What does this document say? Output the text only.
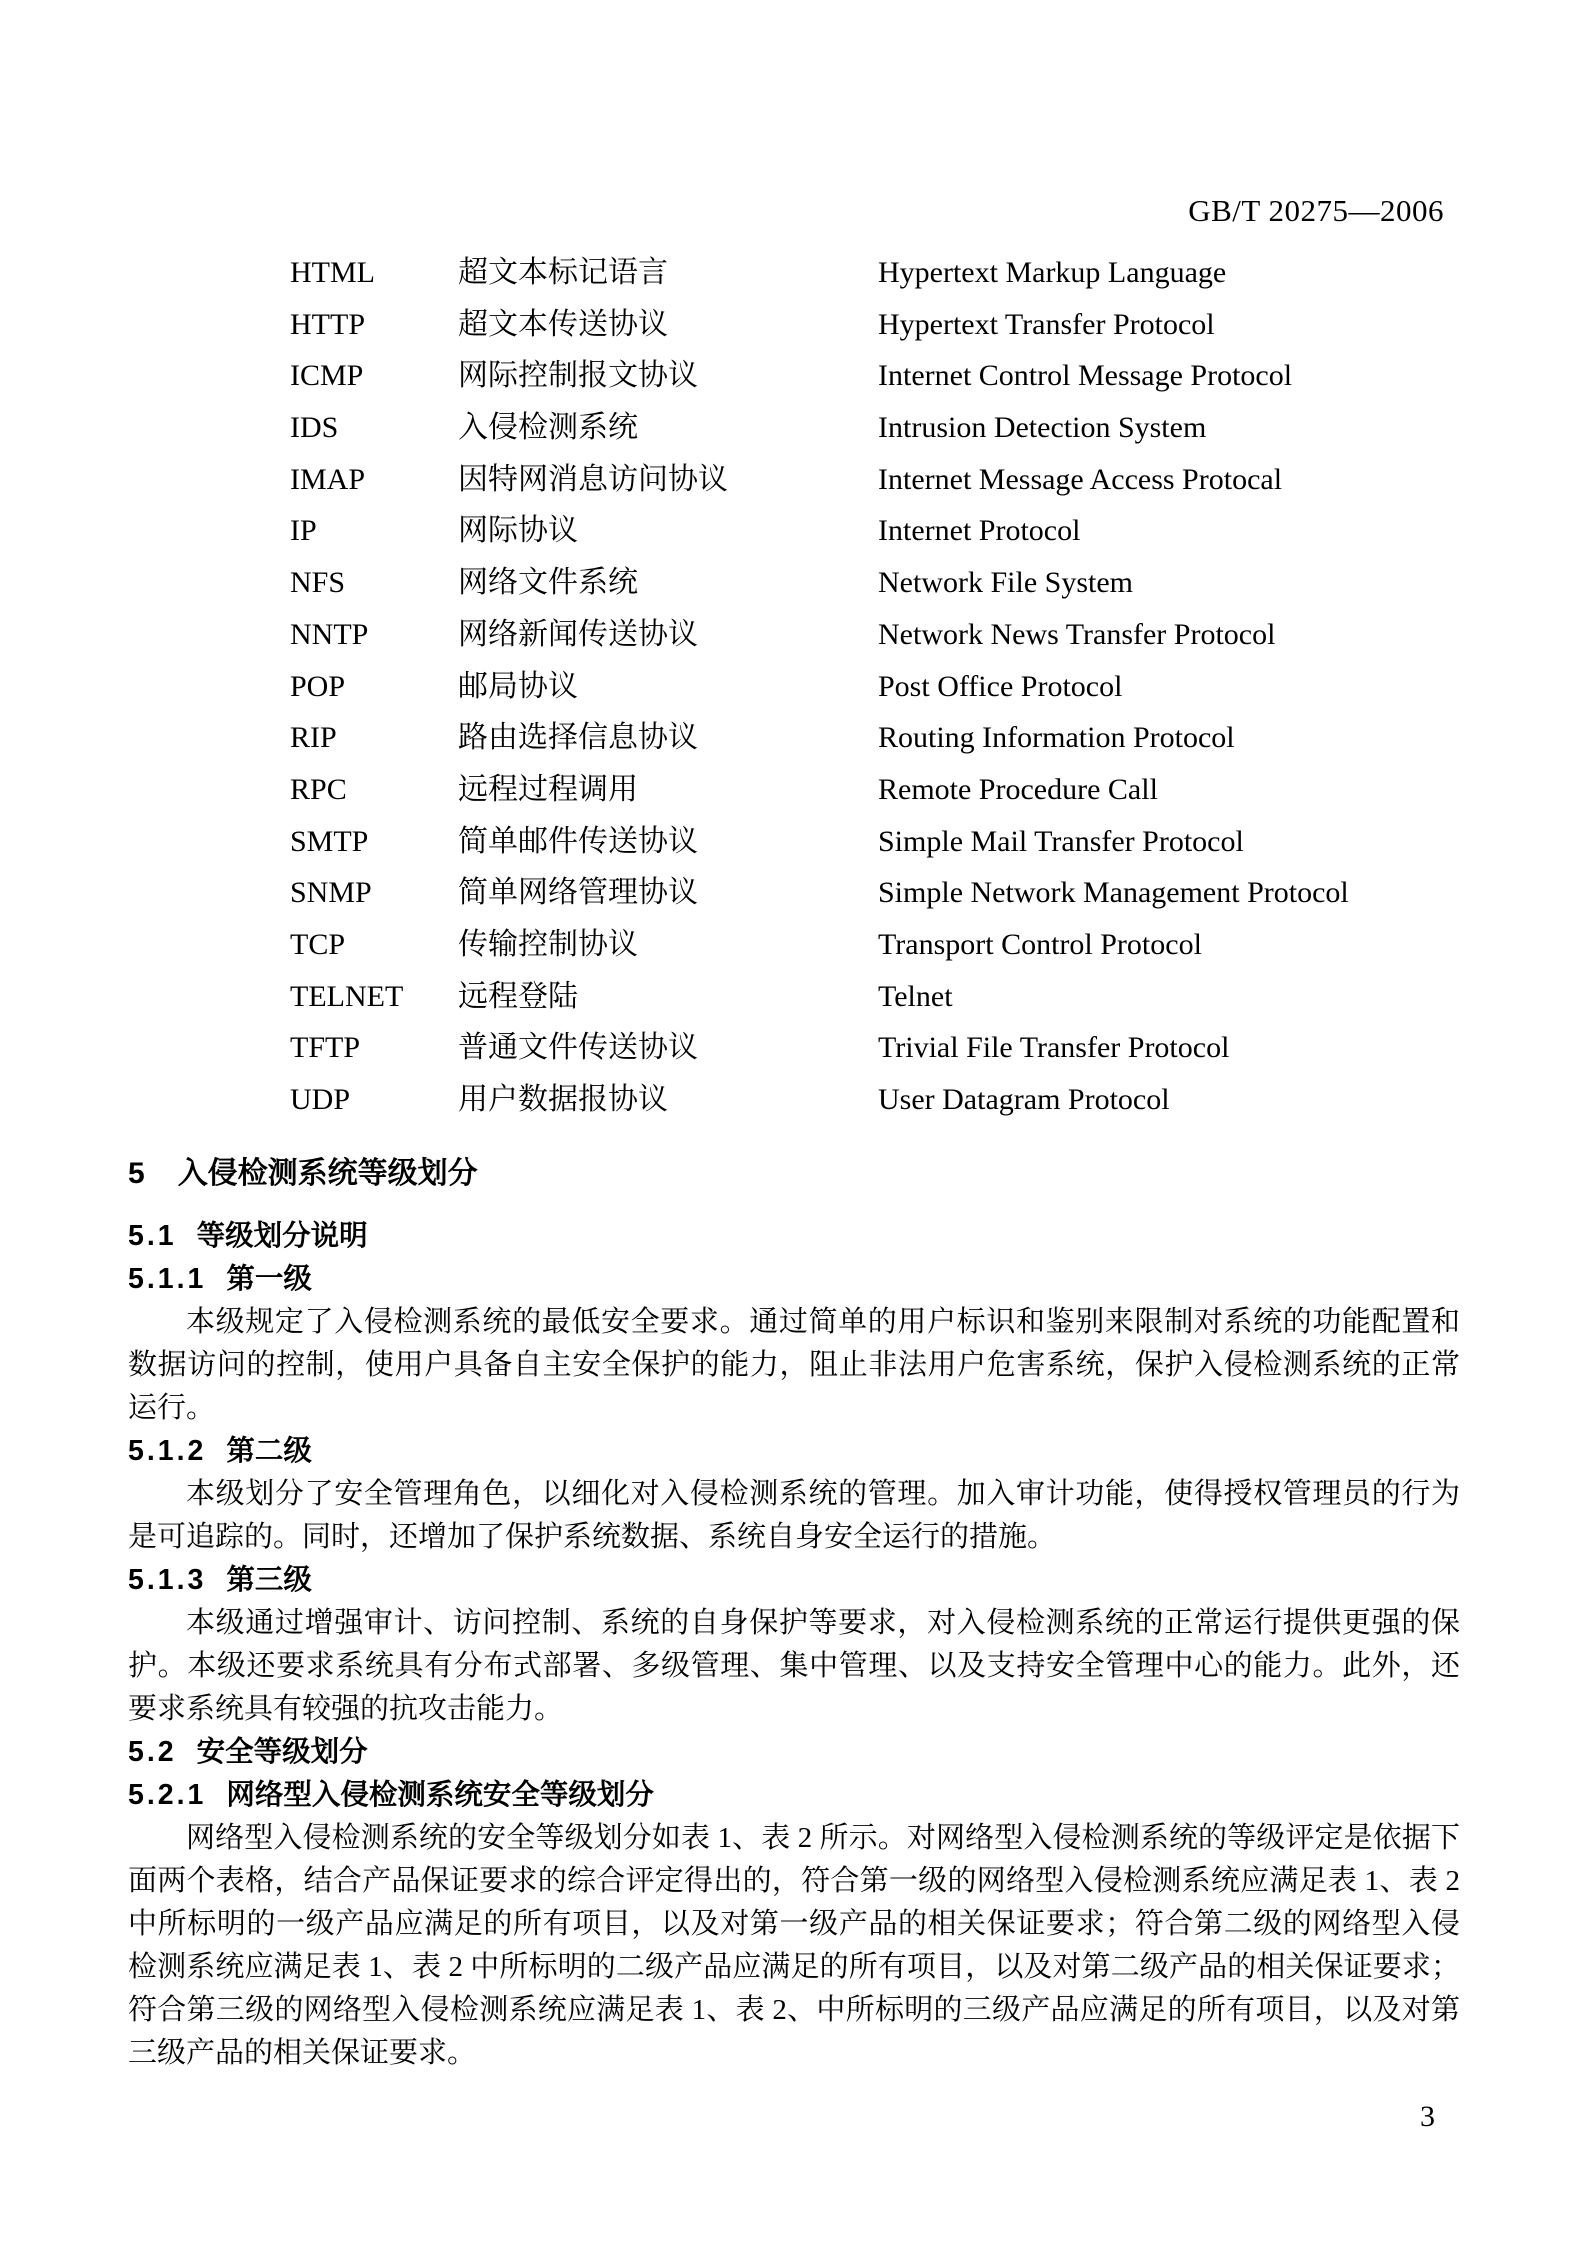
GB/T 20275—2006
HTML	超文本标记语言	Hypertext Markup Language
HTTP	超文本传送协议	Hypertext Transfer Protocol
ICMP	网际控制报文协议	Internet Control Message Protocol
IDS	入侵检测系统	Intrusion Detection System
IMAP	因特网消息访问协议	Internet Message Access Protocal
IP	网际协议	Internet Protocol
NFS	网络文件系统	Network File System
NNTP	网络新闻传送协议	Network News Transfer Protocol
POP	邮局协议	Post Office Protocol
RIP	路由选择信息协议	Routing Information Protocol
RPC	远程过程调用	Remote Procedure Call
SMTP	简单邮件传送协议	Simple Mail Transfer Protocol
SNMP	简单网络管理协议	Simple Network Management Protocol
TCP	传输控制协议	Transport Control Protocol
TELNET	远程登陆	Telnet
TFTP	普通文件传送协议	Trivial File Transfer Protocol
UDP	用户数据报协议	User Datagram Protocol
5 入侵检测系统等级划分
5.1 等级划分说明
5.1.1 第一级

本级规定了入侵检测系统的最低安全要求。通过简单的用户标识和鉴别来限制对系统的功能配置和数据访问的控制，使用户具备自主安全保护的能力，阻止非法用户危害系统，保护入侵检测系统的正常运行。

5.1.2 第二级

本级划分了安全管理角色，以细化对入侵检测系统的管理。加入审计功能，使得授权管理员的行为是可追踪的。同时，还增加了保护系统数据、系统自身安全运行的措施。

5.1.3 第三级

本级通过增强审计、访问控制、系统的自身保护等要求，对入侵检测系统的正常运行提供更强的保护。本级还要求系统具有分布式部署、多级管理、集中管理、以及支持安全管理中心的能力。此外，还要求系统具有较强的抗攻击能力。

5.2 安全等级划分
5.2.1 网络型入侵检测系统安全等级划分

网络型入侵检测系统的安全等级划分如表 1、表 2 所示。对网络型入侵检测系统的等级评定是依据下面两个表格，结合产品保证要求的综合评定得出的，符合第一级的网络型入侵检测系统应满足表 1、表 2 中所标明的一级产品应满足的所有项目，以及对第一级产品的相关保证要求；符合第二级的网络型入侵检测系统应满足表 1、表 2 中所标明的二级产品应满足的所有项目，以及对第二级产品的相关保证要求；符合第三级的网络型入侵检测系统应满足表 1、表 2、中所标明的三级产品应满足的所有项目，以及对第三级产品的相关保证要求。

3
